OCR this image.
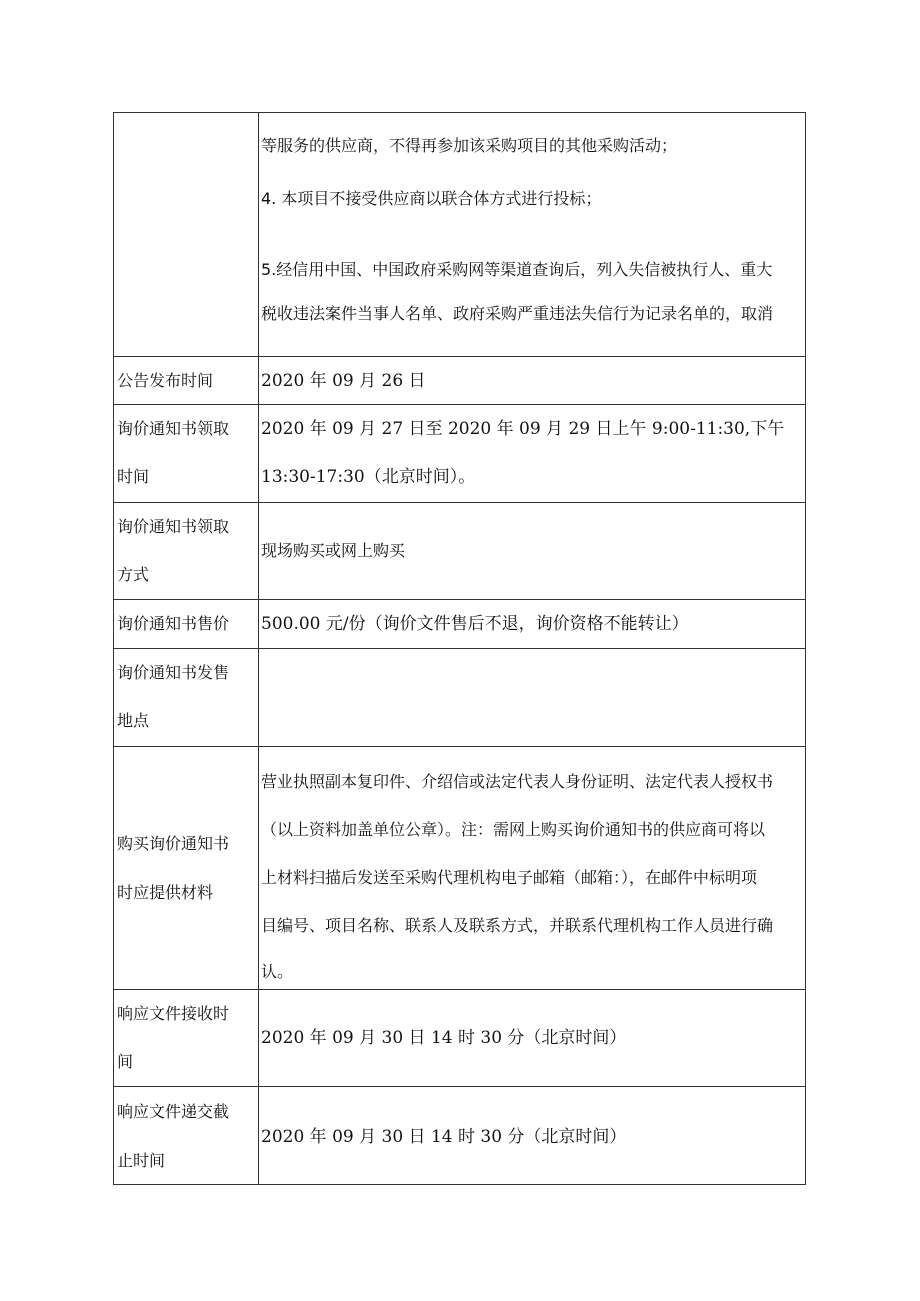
等服务的供应商，不得再参加该采购项目的其他采购活动；
4. 本项目不接受供应商以联合体方式进行投标；
5.经信用中国、中国政府采购网等渠道查询后，列入失信被执行人、重大
税收违法案件当事人名单、政府采购严重违法失信行为记录名单的，取消
公告发布时间	2020 年 09 月 26 日
询价通知书领取
时间
2020 年 09 月 27 日至 2020 年 09 月 29 日上午 9:00-11:30,下午
13:30-17:30（北京时间）。
询价通知书领取
方式
现场购买或网上购买
询价通知书售价 500.00 元/份（询价文件售后不退，询价资格不能转让）
询价通知书发售
地点
购买询价通知书
时应提供材料
营业执照副本复印件、介绍信或法定代表人身份证明、法定代表人授权书
（以上资料加盖单位公章）。注：需网上购买询价通知书的供应商可将以
上材料扫描后发送至采购代理机构电子邮箱（邮箱：），在邮件中标明项
目编号、项目名称、联系人及联系方式，并联系代理机构工作人员进行确
认。
响应文件接收时
间
2020 年 09 月 30 日 14 时 30 分（北京时间）
响应文件递交截
止时间
2020 年 09 月 30 日 14 时 30 分（北京时间）
